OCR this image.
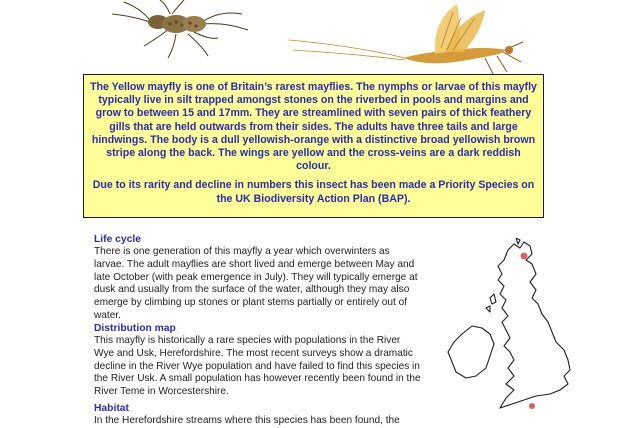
The Yellow mayfly is one of Britain’s rarest mayflies. The nymphs or larvae of this mayfly typically live in silt trapped amongst stones on the riverbed in pools and margins and grow to between 15 and 17mm. They are streamlined with seven pairs of thick feathery gills that are held outwards from their sides. The adults have three tails and large hindwings. The body is a dull yellowish-orange with a distinctive broad yellowish brown stripe along the back. The wings are yellow and the cross-veins are a dark reddish colour.

Due to its rarity and decline in numbers this insect has been made a Priority Species on the UK Biodiversity Action Plan (BAP).

Life cycle

There is one generation of this mayfly a year which overwinters as larvae. The adult mayflies are short lived and emerge between May and late October (with peak emergence in July). They will typically emerge at dusk and usually from the surface of the water, although they may also emerge by climbing up stones or plant stems partially or entirely out of water.

Distribution map

This mayfly is historically a rare species with populations in the River Wye and Usk, Herefordshire. The most recent surveys show a dramatic decline in the River Wye population and have failed to find this species in the River Usk. A small population has however recently been found in the River Teme in Worcestershire.

Habitat

In the Herefordshire streams where this species has been found, the
